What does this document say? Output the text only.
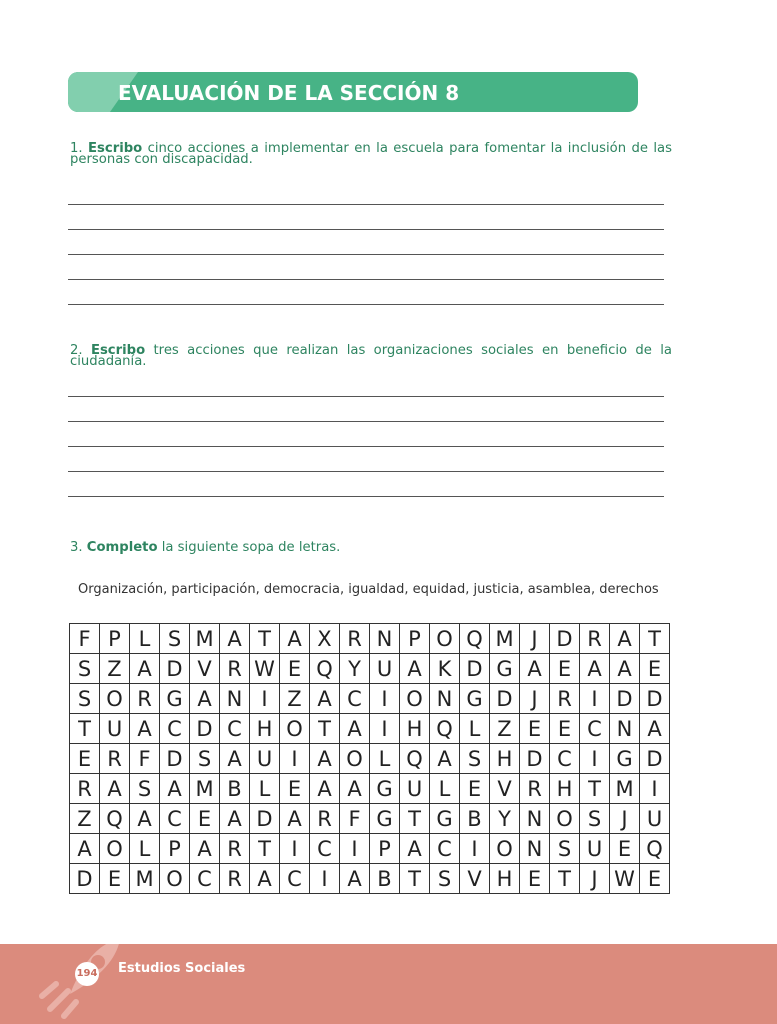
EVALUACIÓN DE LA SECCIÓN 8
1. Escribo cinco acciones a implementar en la escuela para fomentar la inclusión de las personas con discapacidad.
2. Escribo tres acciones que realizan las organizaciones sociales en beneficio de la ciudadanía.
3. Completo la siguiente sopa de letras.
Organización, participación, democracia, igualdad, equidad, justicia, asamblea, derechos
F P L S M A T A X R N P O Q M J D R A T
S Z A D V R W E Q Y U A K D G A E A A E
S O R G A N I Z A C I O N G D J R I D D
T U A C D C H O T A I H Q L Z E E C N A
E R F D S A U I A O L Q A S H D C I G D
R A S A M B L E A A G U L E V R H T M I
Z Q A C E A D A R F G T G B Y N O S J U
A O L P A R T I C I P A C I O N S U E Q
D E M O C R A C I A B T S V H E T J W E
194 Estudios Sociales
